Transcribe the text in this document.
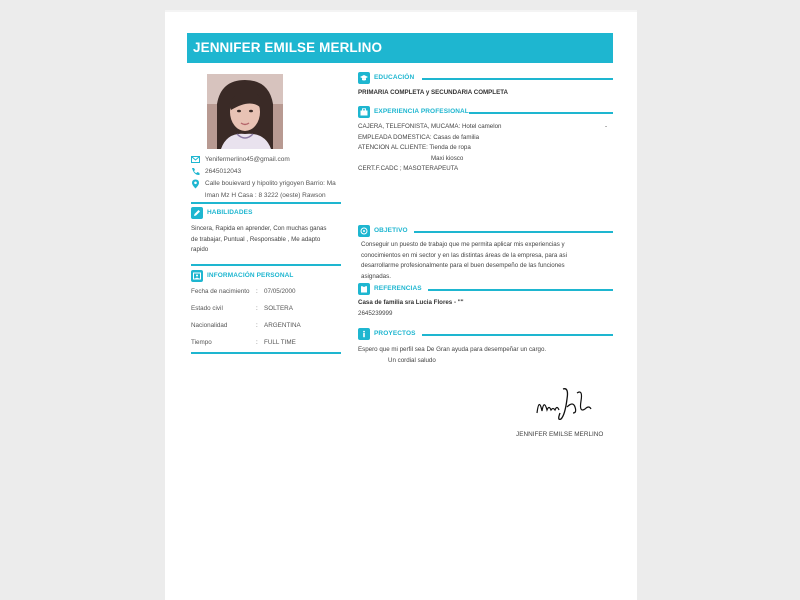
JENNIFER EMILSE MERLINO
Yenifermerlino45@gmail.com
2645012043
Calle bouievard y hipolito yrigoyen Barrio: Ma
lman Mz H Casa : 8 3222 (oeste) Rawson
HABILIDADES
Sincera, Rapida en aprender, Con muchas ganas
de trabajar, Puntual , Responsable , Me adapto
rapido
INFORMACIÓN PERSONAL
Fecha de nacimiento : 07/05/2000
Estado civil	: SOLTERA
Nacionalidad	: ARGENTINA
Tiempo	: FULL TIME
EDUCACIÓN
PRIMARIA COMPLETA y SECUNDARIA COMPLETA
EXPERIENCIA PROFESIONAL
CAJERA, TELEFONISTA, MUCAMA: Hotel camelon
EMPLEADA DOMESTICA: Casas de familia
ATENCION AL CLIENTE: Tienda de ropa
Maxi kiosco
CERT.F.CADC ; MASOTERAPEUTA
-
OBJETIVO
Conseguir un puesto de trabajo que me permita aplicar mis experiencias y
conocimientos en mi sector y en las distintas áreas de la empresa, para asi
desarrollarme profesionalmente para el buen desempeño de las funciones
asignadas.
REFERENCIAS
Casa de familia sra Lucia Flores - ""
2645239999
PROYECTOS
Espero que mi perfil sea De Gran ayuda para desempeñar un cargo.
Un cordial saludo
JENNIFER EMILSE MERLINO
